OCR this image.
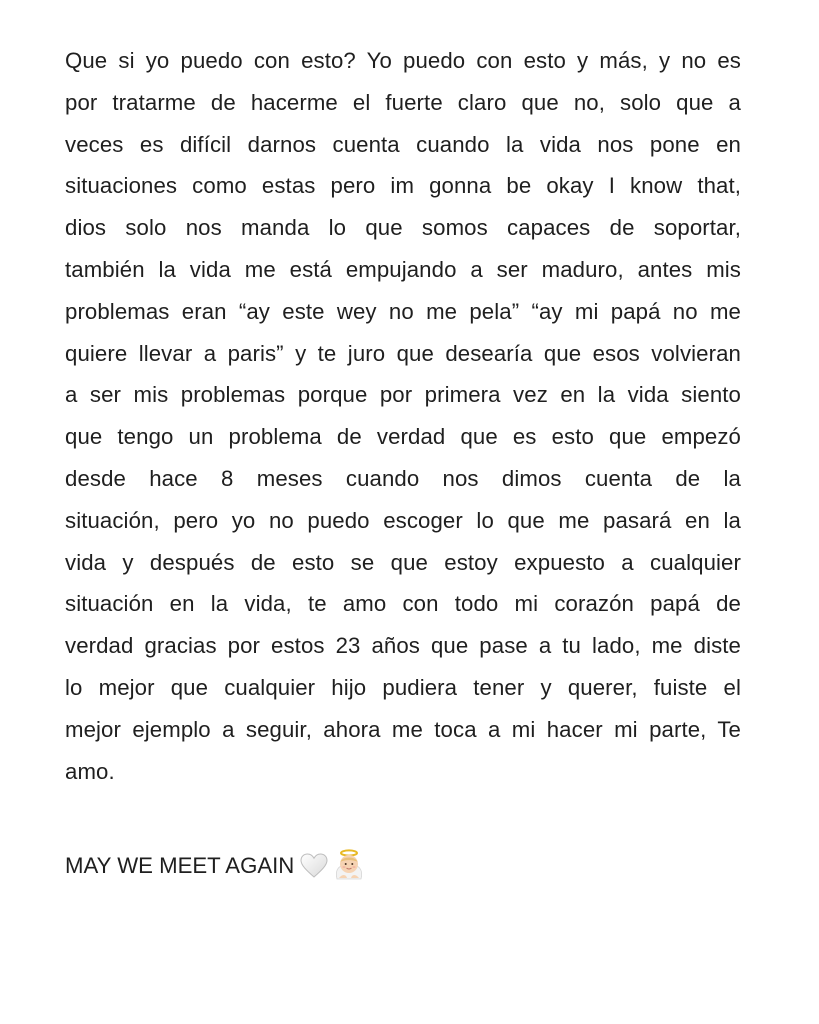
Que si yo puedo con esto? Yo puedo con esto y más, y no es
por tratarme de hacerme el fuerte claro que no, solo que a
veces es difícil darnos cuenta cuando la vida nos pone en
situaciones como estas pero im gonna be okay I know that,
dios solo nos manda lo que somos capaces de soportar,
también la vida me está empujando a ser maduro, antes mis
problemas eran “ay este wey no me pela” “ay mi papá no me
quiere llevar a paris” y te juro que desearía que esos volvieran
a ser mis problemas porque por primera vez en la vida siento
que tengo un problema de verdad que es esto que empezó
desde hace 8 meses cuando nos dimos cuenta de la
situación, pero yo no puedo escoger lo que me pasará en la
vida y después de esto se que estoy expuesto a cualquier
situación en la vida, te amo con todo mi corazón papá de
verdad gracias por estos 23 años que pase a tu lado, me diste
lo mejor que cualquier hijo pudiera tener y querer, fuiste el
mejor ejemplo a seguir, ahora me toca a mi hacer mi parte, Te
amo.

MAY WE MEET AGAIN
